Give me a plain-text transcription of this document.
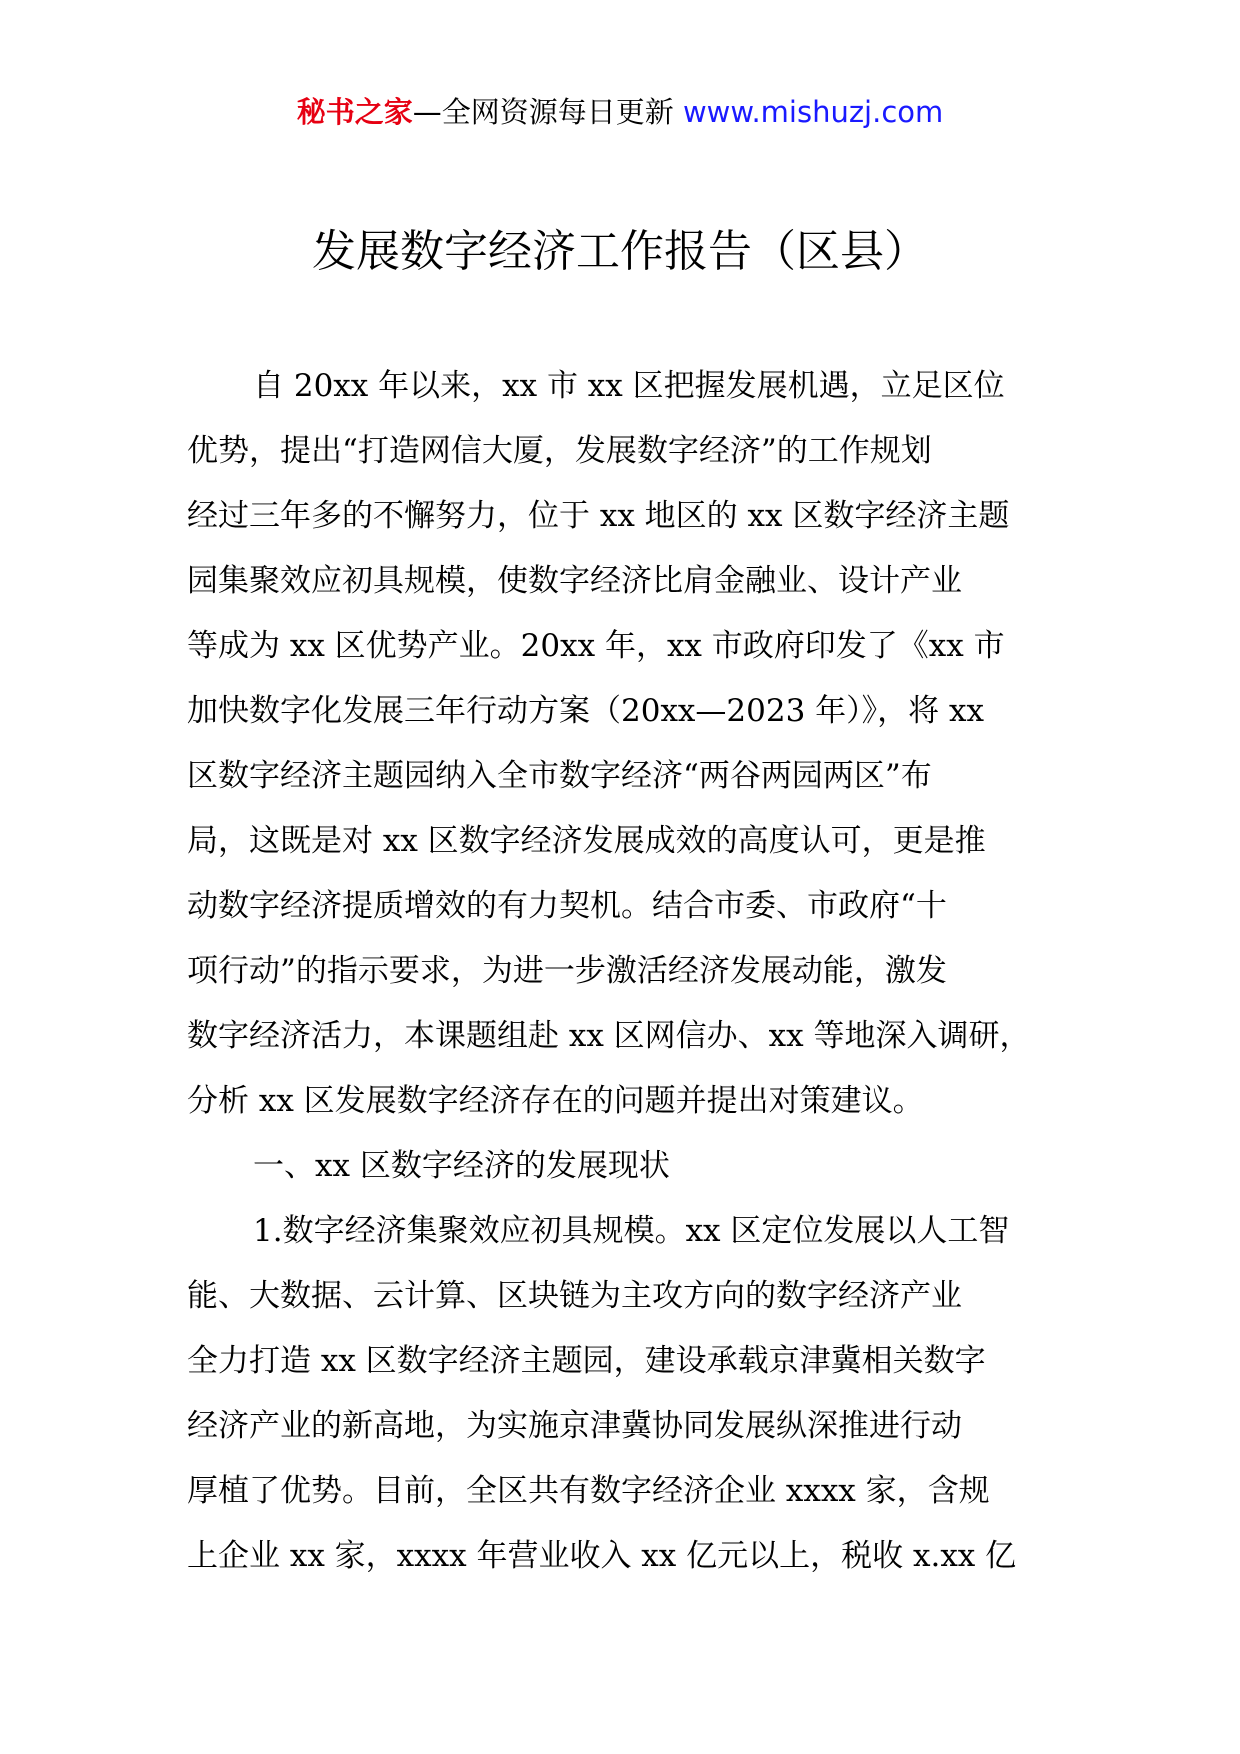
秘书之家—全网资源每日更新 www.mishuzj.com
发展数字经济工作报告（区县）
自 20xx 年以来，xx 市 xx 区把握发展机遇，立足区位
优势，提出“打造网信大厦，发展数字经济”的工作规划
经过三年多的不懈努力，位于 xx 地区的 xx 区数字经济主题
园集聚效应初具规模，使数字经济比肩金融业、设计产业
等成为 xx 区优势产业。20xx 年，xx 市政府印发了《xx 市
加快数字化发展三年行动方案（20xx—2023 年）》，将 xx
区数字经济主题园纳入全市数字经济“两谷两园两区”布
局，这既是对 xx 区数字经济发展成效的高度认可，更是推
动数字经济提质增效的有力契机。结合市委、市政府“十
项行动”的指示要求，为进一步激活经济发展动能，激发
数字经济活力，本课题组赴 xx 区网信办、xx 等地深入调研，
分析 xx 区发展数字经济存在的问题并提出对策建议。
一、xx 区数字经济的发展现状
1.数字经济集聚效应初具规模。xx 区定位发展以人工智
能、大数据、云计算、区块链为主攻方向的数字经济产业
全力打造 xx 区数字经济主题园，建设承载京津冀相关数字
经济产业的新高地，为实施京津冀协同发展纵深推进行动
厚植了优势。目前，全区共有数字经济企业 xxxx 家，含规
上企业 xx 家，xxxx 年营业收入 xx 亿元以上，税收 x.xx 亿
